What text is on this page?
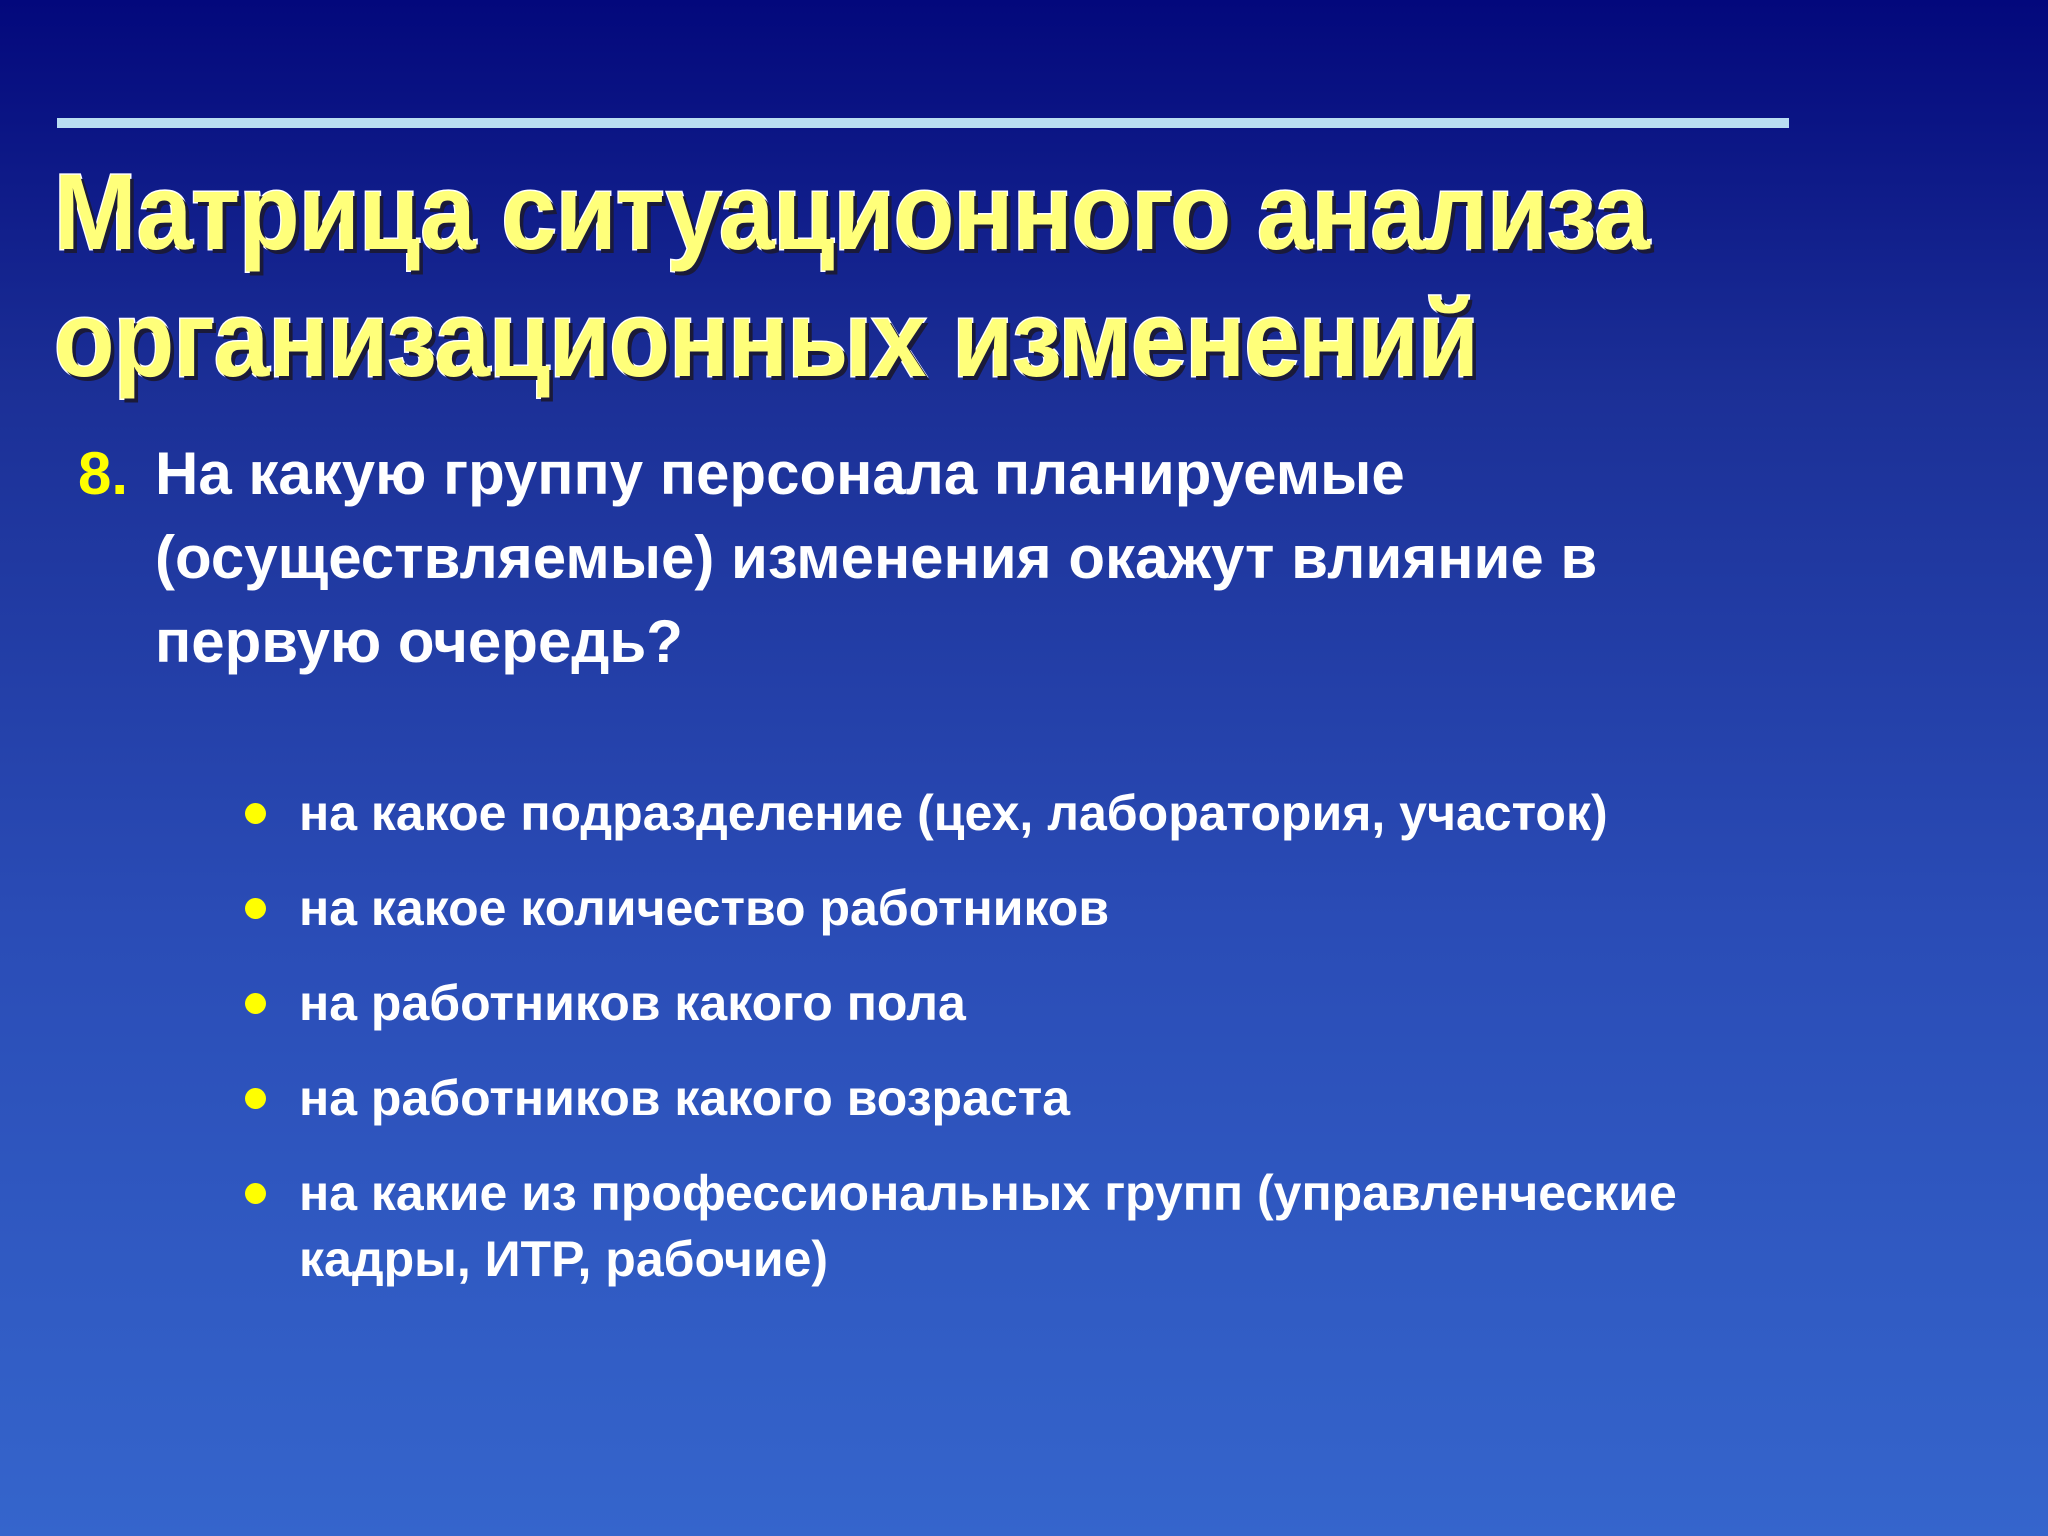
Матрица ситуационного анализа
организационных изменений
8. На какую группу персонала планируемые
(осуществляемые) изменения окажут влияние в
первую очередь?
на какое подразделение (цех, лаборатория, участок)
на какое количество работников
на работников какого пола
на работников какого возраста
на какие из профессиональных групп (управленческие
кадры, ИТР, рабочие)
